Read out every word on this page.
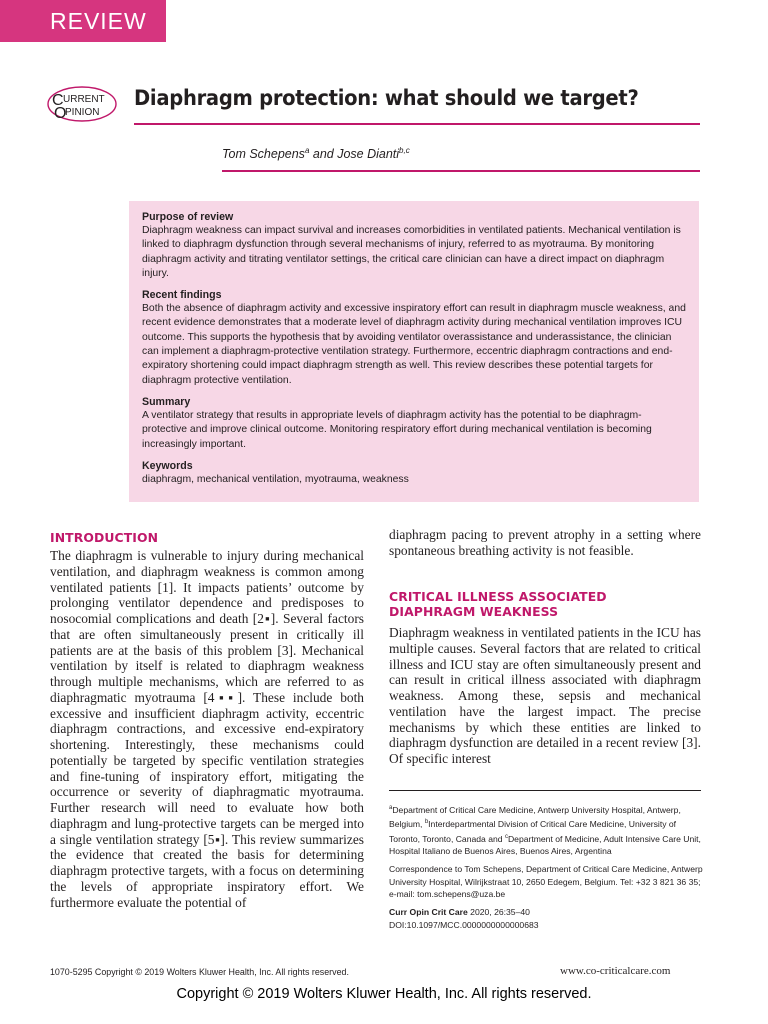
REVIEW
C URRENT
O
PINION
Diaphragm protection: what should we target?
Tom Schepens$^a$ and Jose Dianti$^{b,c}$
Purpose of review

Diaphragm weakness can impact survival and increases comorbidities in ventilated patients. Mechanical ventilation is linked to diaphragm dysfunction through several mechanisms of injury, referred to as myotrauma. By monitoring diaphragm activity and titrating ventilator settings, the critical care clinician can have a direct impact on diaphragm injury.

Recent findings

Both the absence of diaphragm activity and excessive inspiratory effort can result in diaphragm muscle weakness, and recent evidence demonstrates that a moderate level of diaphragm activity during mechanical ventilation improves ICU outcome. This supports the hypothesis that by avoiding ventilator overassistance and underassistance, the clinician can implement a diaphragm-protective ventilation strategy. Furthermore, eccentric diaphragm contractions and end-expiratory shortening could impact diaphragm strength as well. This review describes these potential targets for diaphragm protective ventilation.

Summary

A ventilator strategy that results in appropriate levels of diaphragm activity has the potential to be diaphragm-protective and improve clinical outcome. Monitoring respiratory effort during mechanical ventilation is becoming increasingly important.

Keywords

diaphragm, mechanical ventilation, myotrauma, weakness

INTRODUCTION

The diaphragm is vulnerable to injury during mechanical ventilation, and diaphragm weakness is common among ventilated patients [1]. It impacts patients’ outcome by prolonging ventilator dependence and predisposes to nosocomial complications and death [2▪]. Several factors that are often simultaneously present in critically ill patients are at the basis of this problem [3]. Mechanical ventilation by itself is related to diaphragm weakness through multiple mechanisms, which are referred to as diaphragmatic myotrauma [4▪▪]. These include both excessive and insufficient diaphragm activity, eccentric diaphragm contractions, and excessive end-expiratory shortening. Interestingly, these mechanisms could potentially be targeted by specific ventilation strategies and fine-tuning of inspiratory effort, mitigating the occurrence or severity of diaphragmatic myotrauma. Further research will need to evaluate how both diaphragm and lung-protective targets can be merged into a single ventilation strategy [5▪]. This review summarizes the evidence that created the basis for determining diaphragm protective targets, with a focus on determining the levels of appropriate inspiratory effort. We furthermore evaluate the potential of

diaphragm pacing to prevent atrophy in a setting where spontaneous breathing activity is not feasible.

CRITICAL ILLNESS ASSOCIATED DIAPHRAGM WEAKNESS

Diaphragm weakness in ventilated patients in the ICU has multiple causes. Several factors that are related to critical illness and ICU stay are often simultaneously present and can result in critical illness associated with diaphragm weakness. Among these, sepsis and mechanical ventilation have the largest impact. The precise mechanisms by which these entities are linked to diaphragm dysfunction are detailed in a recent review [3]. Of specific interest

$^a$Department of Critical Care Medicine, Antwerp University Hospital, Antwerp, Belgium, $^b$Interdepartmental Division of Critical Care Medicine, University of Toronto, Toronto, Canada and $^c$Department of Medicine, Adult Intensive Care Unit, Hospital Italiano de Buenos Aires, Buenos Aires, Argentina

Correspondence to Tom Schepens, Department of Critical Care Medicine, Antwerp University Hospital, Wilrijkstraat 10, 2650 Edegem, Belgium. Tel: +32 3 821 36 35; e-mail: tom.schepens@uza.be

Curr Opin Crit Care 2020, 26:35–40
DOI:10.1097/MCC.0000000000000683
1070-5295 Copyright © 2019 Wolters Kluwer Health, Inc. All rights reserved.	www.co-criticalcare.com
Copyright © 2019 Wolters Kluwer Health, Inc. All rights reserved.
